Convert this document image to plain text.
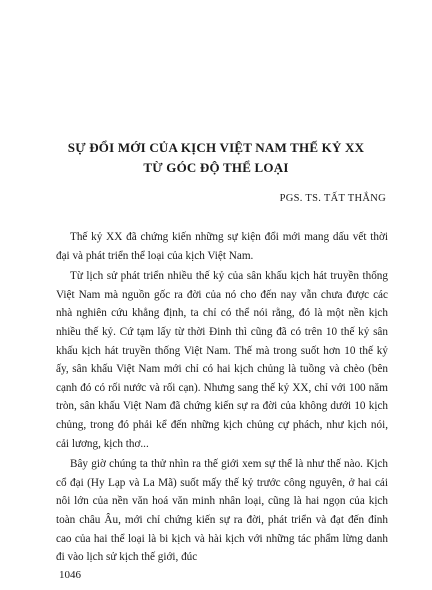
SỰ ĐỔI MỚI CỦA KỊCH VIỆT NAM THẾ KỶ XX
TỪ GÓC ĐỘ THỂ LOẠI

PGS. TS. TẤT THẮNG

Thế kỷ XX đã chứng kiến những sự kiện đổi mới mang dấu vết thời đại và phát triển thể loại của kịch Việt Nam.

Từ lịch sử phát triển nhiều thế kỷ của sân khấu kịch hát truyền thống Việt Nam mà nguồn gốc ra đời của nó cho đến nay vẫn chưa được các nhà nghiên cứu khẳng định, ta chỉ có thể nói rằng, đó là một nền kịch nhiều thế kỷ. Cứ tạm lấy từ thời Đinh thì cũng đã có trên 10 thế kỷ sân khấu kịch hát truyền thống Việt Nam. Thế mà trong suốt hơn 10 thế kỷ ấy, sân khấu Việt Nam mới chỉ có hai kịch chủng là tuồng và chèo (bên cạnh đó có rối nước và rối cạn). Nhưng sang thế kỷ XX, chỉ với 100 năm tròn, sân khấu Việt Nam đã chứng kiến sự ra đời của không dưới 10 kịch chủng, trong đó phải kể đến những kịch chủng cự phách, như kịch nói, cải lương, kịch thơ...

Bây giờ chúng ta thử nhìn ra thế giới xem sự thể là như thế nào. Kịch cổ đại (Hy Lạp và La Mã) suốt mấy thế kỷ trước công nguyên, ở hai cái nôi lớn của nền văn hoá văn minh nhân loại, cũng là hai ngọn của kịch toàn châu Âu, mới chỉ chứng kiến sự ra đời, phát triển và đạt đến đỉnh cao của hai thể loại là bi kịch và hài kịch với những tác phẩm lừng danh đi vào lịch sử kịch thế giới, đúc

1046
